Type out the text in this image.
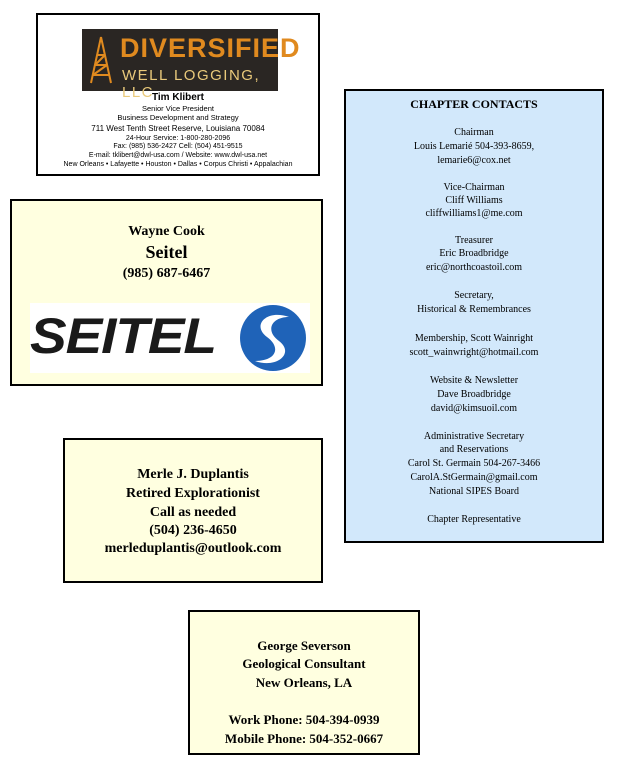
DIVERSIFIED
WELL LOGGING, LLC
Tim Klibert
Senior Vice President
Business Development and Strategy
711 West Tenth Street Reserve, Louisiana 70084
24-Hour Service: 1-800-280-2096
Fax: (985) 536-2427 Cell: (504) 451-9515
E-mail: tklibert@dwl-usa.com / Website: www.dwl-usa.net
New Orleans • Lafayette • Houston • Dallas • Corpus Christi • Appalachian
Wayne Cook
Seitel
(985) 687-6467
SEITEL
CHAPTER CONTACTS
Chairman
Louis Lemarié 504-393-8659,
lemarie6@cox.net
Vice-Chairman
Cliff Williams
cliffwilliams1@me.com
Treasurer
Eric Broadbridge
eric@northcoastoil.com
Secretary,
Historical & Remembrances
Membership, Scott Wainright
scott_wainwright@hotmail.com
Website & Newsletter
Dave Broadbridge
david@kimsuoil.com
Administrative Secretary
and Reservations
Carol St. Germain 504-267-3466
CarolA.StGermain@gmail.com
National SIPES Board
Chapter Representative
Merle J. Duplantis
Retired Explorationist
Call as needed
(504) 236-4650
merleduplantis@outlook.com
George Severson
Geological Consultant
New Orleans, LA
Work Phone: 504-394-0939
Mobile Phone: 504-352-0667
